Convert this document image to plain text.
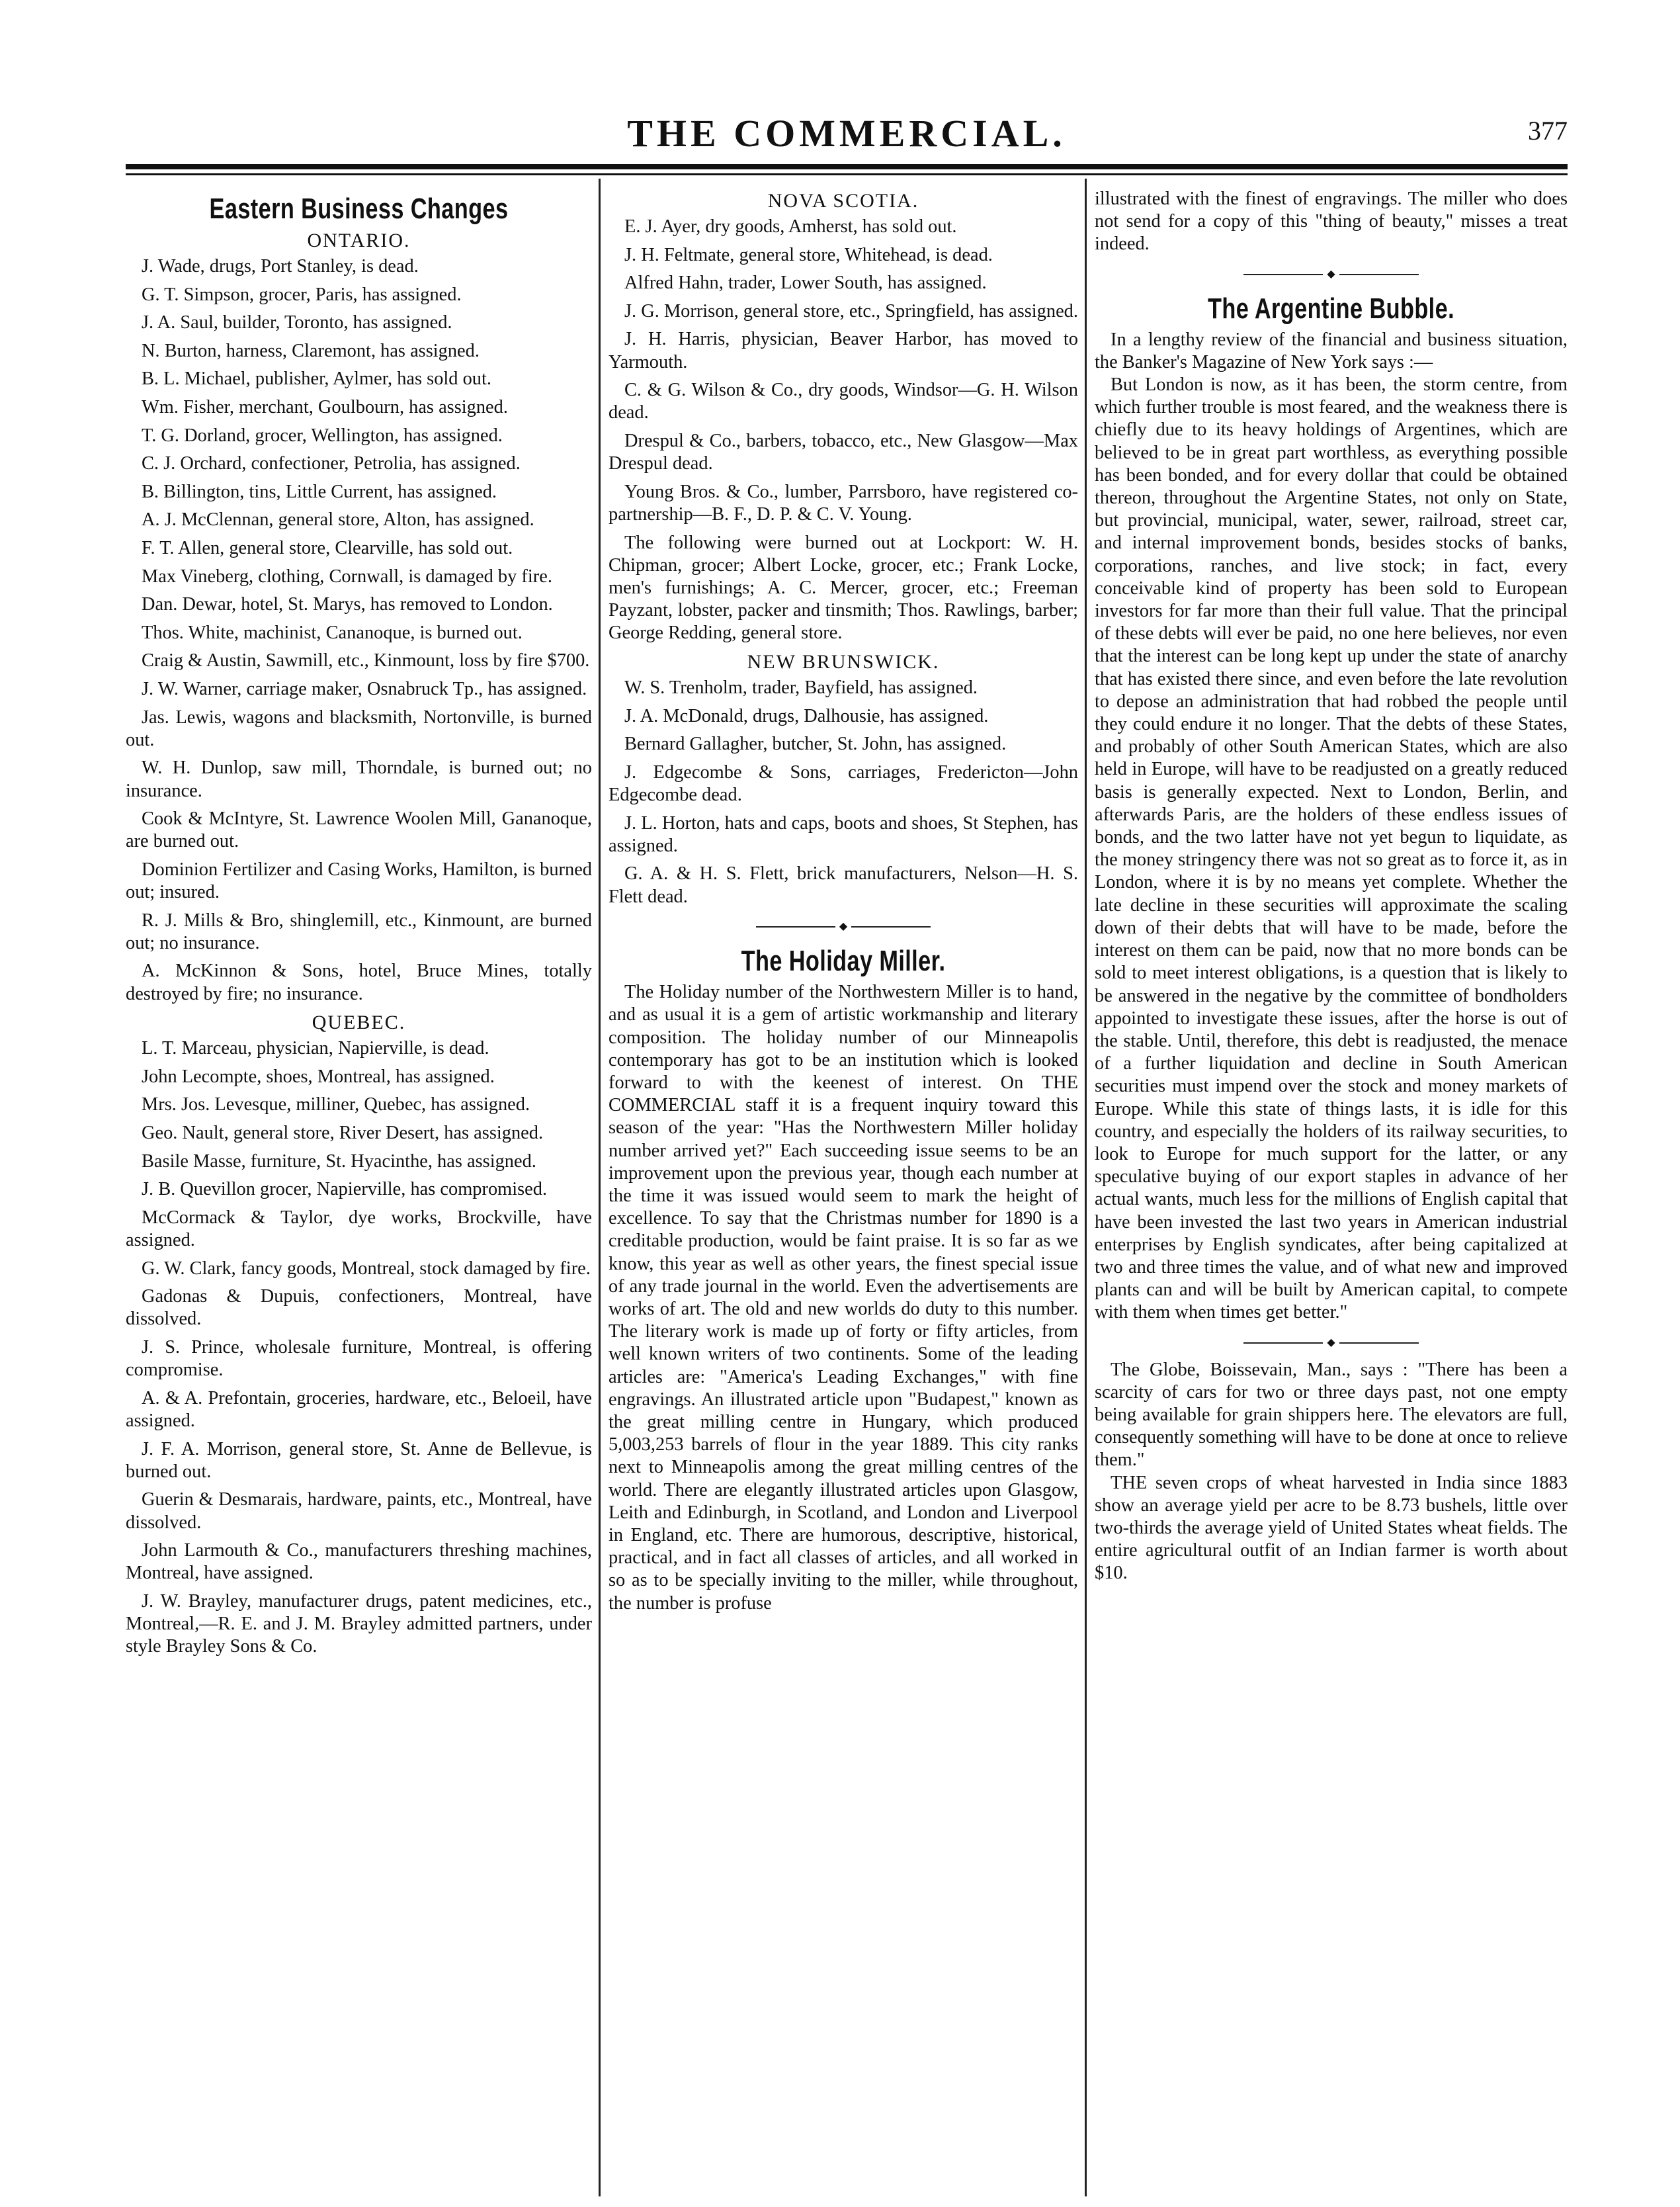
THE COMMERCIAL.	377
Eastern Business Changes
ONTARIO.

J. Wade, drugs, Port Stanley, is dead.

G. T. Simpson, grocer, Paris, has assigned.

J. A. Saul, builder, Toronto, has assigned.

N. Burton, harness, Claremont, has assigned.

B. L. Michael, publisher, Aylmer, has sold out.

Wm. Fisher, merchant, Goulbourn, has assigned.

T. G. Dorland, grocer, Wellington, has assigned.

C. J. Orchard, confectioner, Petrolia, has assigned.

B. Billington, tins, Little Current, has assigned.

A. J. McClennan, general store, Alton, has assigned.

F. T. Allen, general store, Clearville, has sold out.

Max Vineberg, clothing, Cornwall, is damaged by fire.

Dan. Dewar, hotel, St. Marys, has removed to London.

Thos. White, machinist, Cananoque, is burned out.

Craig & Austin, Sawmill, etc., Kinmount, loss by fire $700.

J. W. Warner, carriage maker, Osnabruck Tp., has assigned.

Jas. Lewis, wagons and blacksmith, Nortonville, is burned out.

W. H. Dunlop, saw mill, Thorndale, is burned out; no insurance.

Cook & McIntyre, St. Lawrence Woolen Mill, Gananoque, are burned out.

Dominion Fertilizer and Casing Works, Hamilton, is burned out; insured.

R. J. Mills & Bro, shinglemill, etc., Kinmount, are burned out; no insurance.

A. McKinnon & Sons, hotel, Bruce Mines, totally destroyed by fire; no insurance.

QUEBEC.

L. T. Marceau, physician, Napierville, is dead.

John Lecompte, shoes, Montreal, has assigned.

Mrs. Jos. Levesque, milliner, Quebec, has assigned.

Geo. Nault, general store, River Desert, has assigned.

Basile Masse, furniture, St. Hyacinthe, has assigned.

J. B. Quevillon grocer, Napierville, has compromised.

McCormack & Taylor, dye works, Brockville, have assigned.

G. W. Clark, fancy goods, Montreal, stock damaged by fire.

Gadonas & Dupuis, confectioners, Montreal, have dissolved.

J. S. Prince, wholesale furniture, Montreal, is offering compromise.

A. & A. Prefontain, groceries, hardware, etc., Beloeil, have assigned.

J. F. A. Morrison, general store, St. Anne de Bellevue, is burned out.

Guerin & Desmarais, hardware, paints, etc., Montreal, have dissolved.

John Larmouth & Co., manufacturers threshing machines, Montreal, have assigned.

J. W. Brayley, manufacturer drugs, patent medicines, etc., Montreal,—R. E. and J. M. Brayley admitted partners, under style Brayley Sons & Co.

NOVA SCOTIA.

E. J. Ayer, dry goods, Amherst, has sold out.

J. H. Feltmate, general store, Whitehead, is dead.

Alfred Hahn, trader, Lower South, has assigned.

J. G. Morrison, general store, etc., Springfield, has assigned.

J. H. Harris, physician, Beaver Harbor, has moved to Yarmouth.

C. & G. Wilson & Co., dry goods, Windsor—G. H. Wilson dead.

Drespul & Co., barbers, tobacco, etc., New Glasgow—Max Drespul dead.

Young Bros. & Co., lumber, Parrsboro, have registered co-partnership—B. F., D. P. & C. V. Young.

The following were burned out at Lockport: W. H. Chipman, grocer; Albert Locke, grocer, etc.; Frank Locke, men's furnishings; A. C. Mercer, grocer, etc.; Freeman Payzant, lobster, packer and tinsmith; Thos. Rawlings, barber; George Redding, general store.

NEW BRUNSWICK.

W. S. Trenholm, trader, Bayfield, has assigned.

J. A. McDonald, drugs, Dalhousie, has assigned.

Bernard Gallagher, butcher, St. John, has assigned.

J. Edgecombe & Sons, carriages, Fredericton—John Edgecombe dead.

J. L. Horton, hats and caps, boots and shoes, St Stephen, has assigned.

G. A. & H. S. Flett, brick manufacturers, Nelson—H. S. Flett dead.

◆
The Holiday Miller.

The Holiday number of the Northwestern Miller is to hand, and as usual it is a gem of artistic workmanship and literary composition. The holiday number of our Minneapolis contemporary has got to be an institution which is looked forward to with the keenest of interest. On THE COMMERCIAL staff it is a frequent inquiry toward this season of the year: "Has the Northwestern Miller holiday number arrived yet?" Each succeeding issue seems to be an improvement upon the previous year, though each number at the time it was issued would seem to mark the height of excellence. To say that the Christmas number for 1890 is a creditable production, would be faint praise. It is so far as we know, this year as well as other years, the finest special issue of any trade journal in the world. Even the advertisements are works of art. The old and new worlds do duty to this number. The literary work is made up of forty or fifty articles, from well known writers of two continents. Some of the leading articles are: "America's Leading Exchanges," with fine engravings. An illustrated article upon "Budapest," known as the great milling centre in Hungary, which produced 5,003,253 barrels of flour in the year 1889. This city ranks next to Minneapolis among the great milling centres of the world. There are elegantly illustrated articles upon Glasgow, Leith and Edinburgh, in Scotland, and London and Liverpool in England, etc. There are humorous, descriptive, historical, practical, and in fact all classes of articles, and all worked in so as to be specially inviting to the miller, while throughout, the number is profuse

illustrated with the finest of engravings. The miller who does not send for a copy of this "thing of beauty," misses a treat indeed.

◆
The Argentine Bubble.

In a lengthy review of the financial and business situation, the Banker's Magazine of New York says :—

But London is now, as it has been, the storm centre, from which further trouble is most feared, and the weakness there is chiefly due to its heavy holdings of Argentines, which are believed to be in great part worthless, as everything possible has been bonded, and for every dollar that could be obtained thereon, throughout the Argentine States, not only on State, but provincial, municipal, water, sewer, railroad, street car, and internal improvement bonds, besides stocks of banks, corporations, ranches, and live stock; in fact, every conceivable kind of property has been sold to European investors for far more than their full value. That the principal of these debts will ever be paid, no one here believes, nor even that the interest can be long kept up under the state of anarchy that has existed there since, and even before the late revolution to depose an administration that had robbed the people until they could endure it no longer. That the debts of these States, and probably of other South American States, which are also held in Europe, will have to be readjusted on a greatly reduced basis is generally expected. Next to London, Berlin, and afterwards Paris, are the holders of these endless issues of bonds, and the two latter have not yet begun to liquidate, as the money stringency there was not so great as to force it, as in London, where it is by no means yet complete. Whether the late decline in these securities will approximate the scaling down of their debts that will have to be made, before the interest on them can be paid, now that no more bonds can be sold to meet interest obligations, is a question that is likely to be answered in the negative by the committee of bondholders appointed to investigate these issues, after the horse is out of the stable. Until, therefore, this debt is readjusted, the menace of a further liquidation and decline in South American securities must impend over the stock and money markets of Europe. While this state of things lasts, it is idle for this country, and especially the holders of its railway securities, to look to Europe for much support for the latter, or any speculative buying of our export staples in advance of her actual wants, much less for the millions of English capital that have been invested the last two years in American industrial enterprises by English syndicates, after being capitalized at two and three times the value, and of what new and improved plants can and will be built by American capital, to compete with them when times get better."

◆

The Globe, Boissevain, Man., says : "There has been a scarcity of cars for two or three days past, not one empty being available for grain shippers here. The elevators are full, consequently something will have to be done at once to relieve them."

THE seven crops of wheat harvested in India since 1883 show an average yield per acre to be 8.73 bushels, little over two-thirds the average yield of United States wheat fields. The entire agricultural outfit of an Indian farmer is worth about $10.
